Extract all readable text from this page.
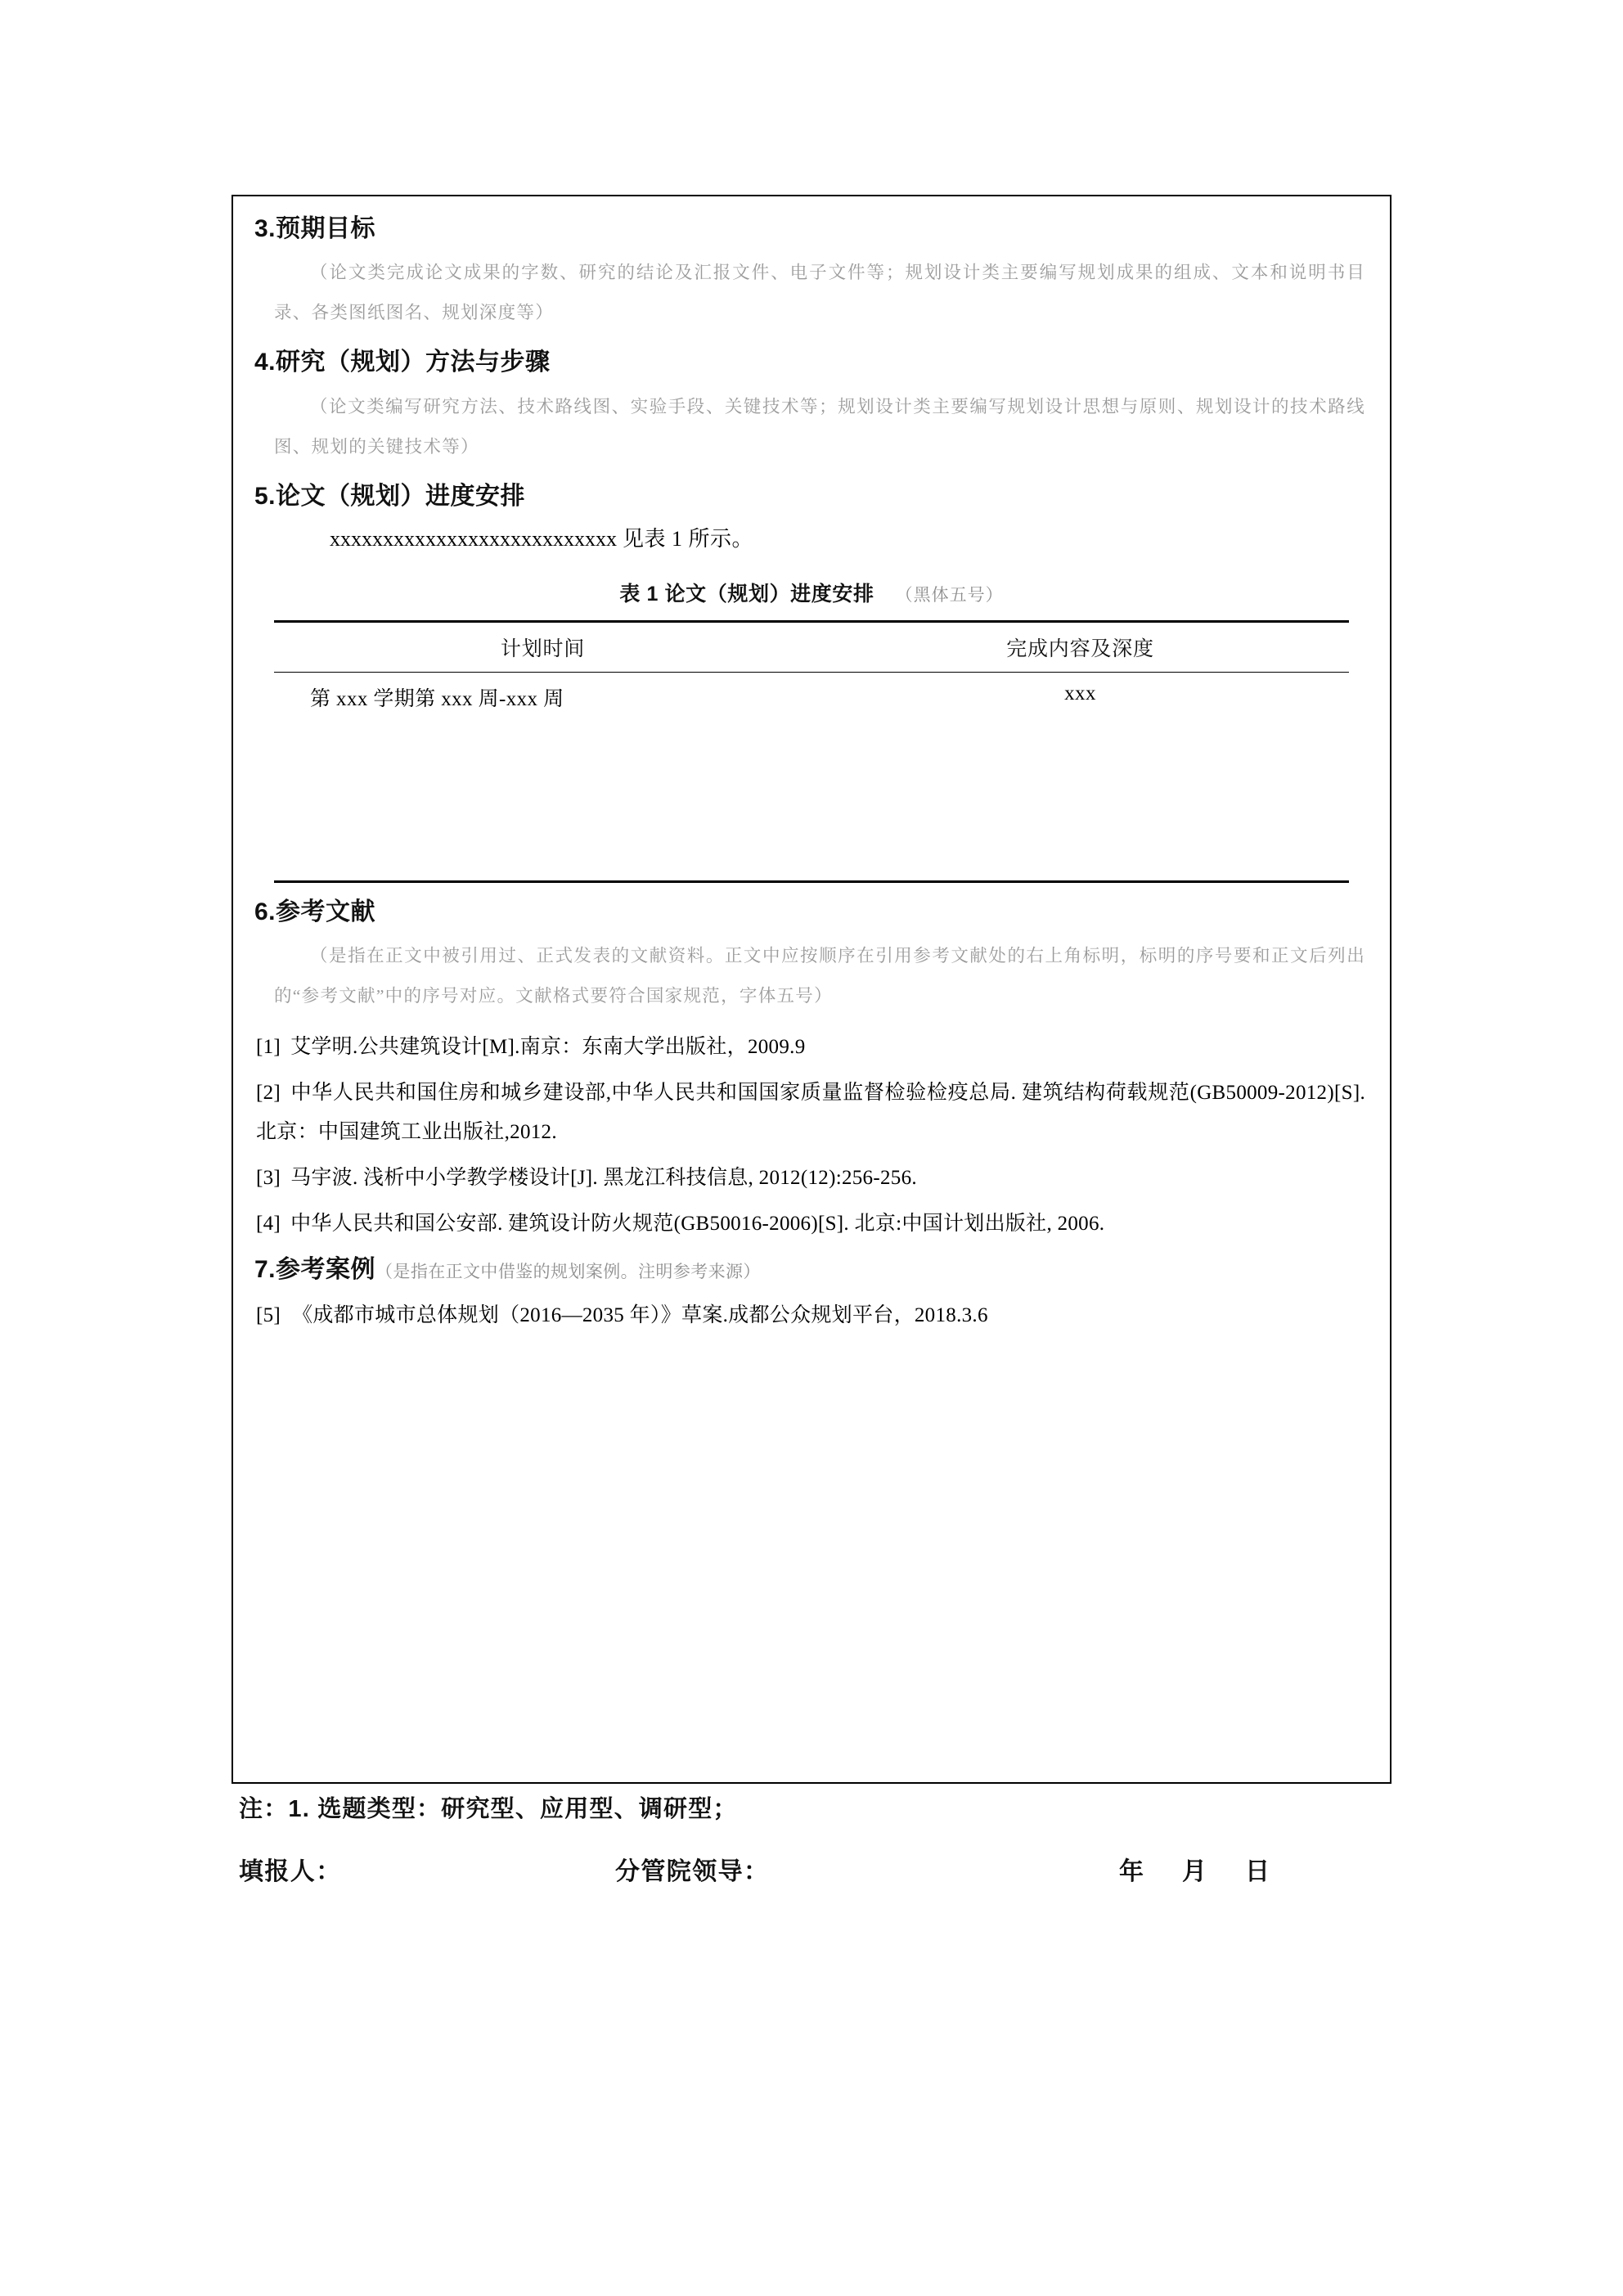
3.预期目标

（论文类完成论文成果的字数、研究的结论及汇报文件、电子文件等；规划设计类主要编写规划成果的组成、文本和说明书目录、各类图纸图名、规划深度等）

4.研究（规划）方法与步骤

（论文类编写研究方法、技术路线图、实验手段、关键技术等；规划设计类主要编写规划设计思想与原则、规划设计的技术路线图、规划的关键技术等）

5.论文（规划）进度安排
xxxxxxxxxxxxxxxxxxxxxxxxxxx 见表 1 所示。
表 1 论文（规划）进度安排 （黑体五号）
计划时间	完成内容及深度
第 xxx 学期第 xxx 周-xxx 周	xxx

6.参考文献

（是指在正文中被引用过、正式发表的文献资料。正文中应按顺序在引用参考文献处的右上角标明，标明的序号要和正文后列出的“参考文献”中的序号对应。文献格式要符合国家规范，字体五号）

[1] 艾学明.公共建筑设计[M].南京：东南大学出版社，2009.9
[2] 中华人民共和国住房和城乡建设部,中华人民共和国国家质量监督检验检疫总局. 建筑结构荷载规范(GB50009-2012)[S]. 北京：中国建筑工业出版社,2012.
[3] 马宇波. 浅析中小学教学楼设计[J]. 黑龙江科技信息, 2012(12):256-256.
[4] 中华人民共和国公安部. 建筑设计防火规范(GB50016-2006)[S]. 北京:中国计划出版社, 2006.
7.参考案例（是指在正文中借鉴的规划案例。注明参考来源）
[5] 《成都市城市总体规划（2016—2035 年）》草案.成都公众规划平台，2018.3.6
注：1. 选题类型：研究型、应用型、调研型；
填报人：	分管院领导：	年 月 日
